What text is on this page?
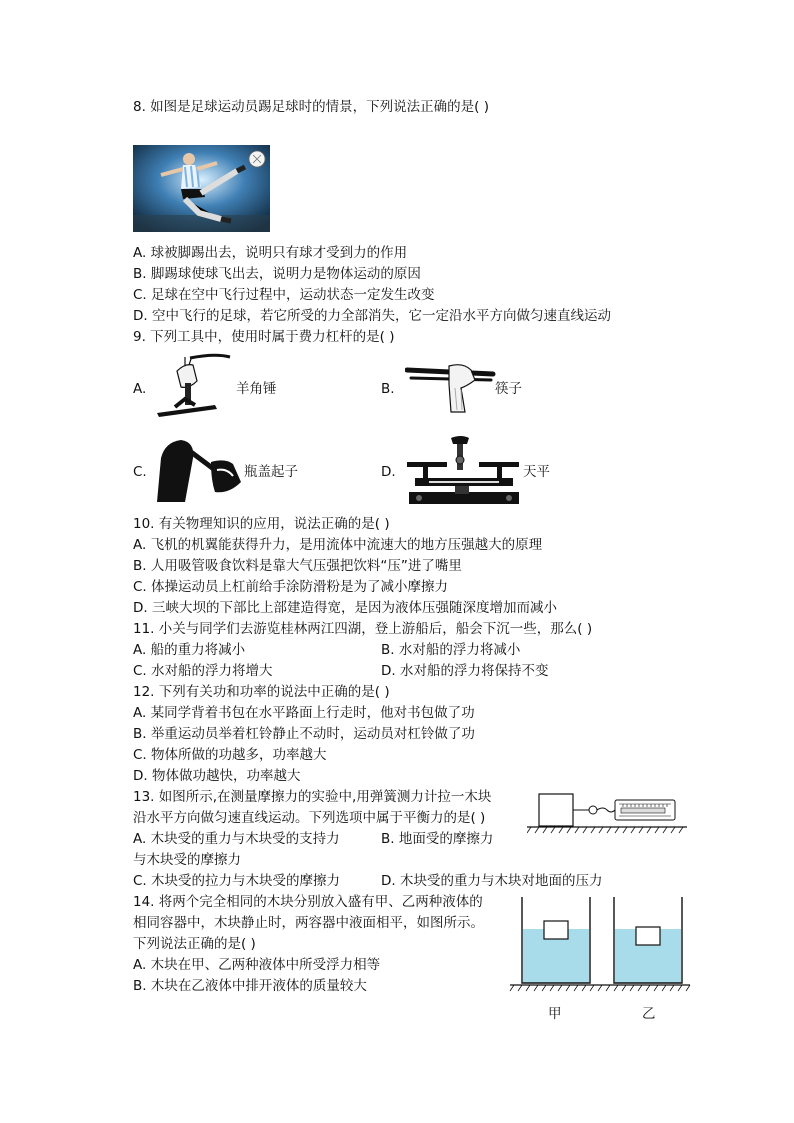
8. 如图是足球运动员踢足球时的情景，下列说法正确的是( )
A. 球被脚踢出去，说明只有球才受到力的作用
B. 脚踢球使球飞出去，说明力是物体运动的原因
C. 足球在空中飞行过程中，运动状态一定发生改变
D. 空中飞行的足球，若它所受的力全部消失，它一定沿水平方向做匀速直线运动
9. 下列工具中，使用时属于费力杠杆的是( )
A.	羊角锤	B.	筷子
C.	瓶盖起子	D.	天平
10. 有关物理知识的应用，说法正确的是( )
A. 飞机的机翼能获得升力，是用流体中流速大的地方压强越大的原理
B. 人用吸管吸食饮料是靠大气压强把饮料“压”进了嘴里
C. 体操运动员上杠前给手涂防滑粉是为了减小摩擦力
D. 三峡大坝的下部比上部建造得宽，是因为液体压强随深度增加而减小
11. 小关与同学们去游览桂林两江四湖，登上游船后，船会下沉一些，那么( )
A. 船的重力将减小	B. 水对船的浮力将减小
C. 水对船的浮力将增大	D. 水对船的浮力将保持不变
12. 下列有关功和功率的说法中正确的是( )
A. 某同学背着书包在水平路面上行走时，他对书包做了功
B. 举重运动员举着杠铃静止不动时，运动员对杠铃做了功
C. 物体所做的功越多，功率越大
D. 物体做功越快，功率越大
13. 如图所示,在测量摩擦力的实验中,用弹簧测力计拉一木块
沿水平方向做匀速直线运动。下列选项中属于平衡力的是( )
A. 木块受的重力与木块受的支持力	B. 地面受的摩擦力
与木块受的摩擦力
C. 木块受的拉力与木块受的摩擦力	D. 木块受的重力与木块对地面的压力
14. 将两个完全相同的木块分别放入盛有甲、乙两种液体的
相同容器中，木块静止时，两容器中液面相平，如图所示。
下列说法正确的是( )
A. 木块在甲、乙两种液体中所受浮力相等
B. 木块在乙液体中排开液体的质量较大
甲	乙
